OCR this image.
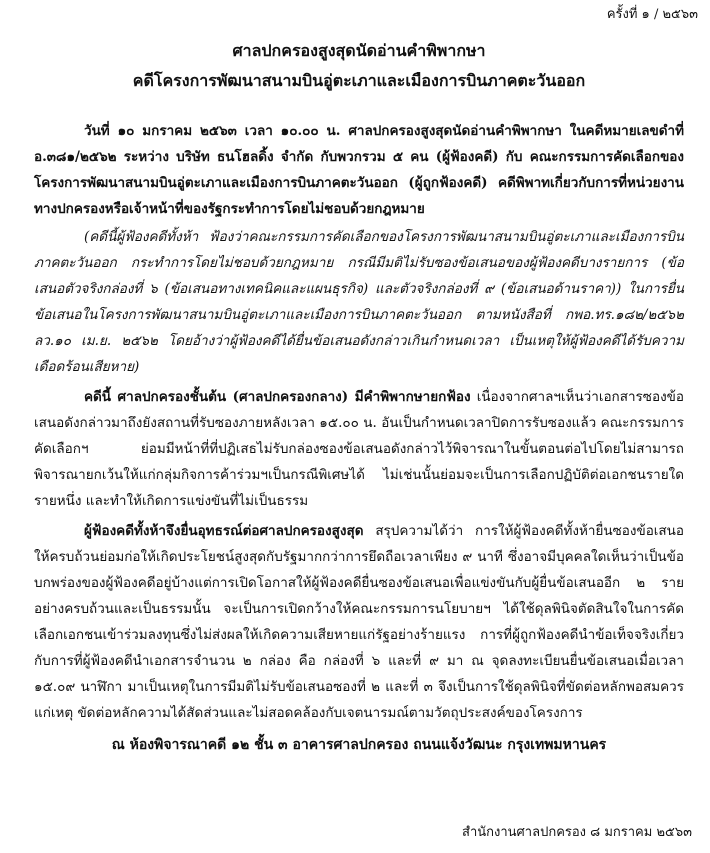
ครั้งที่ ๑ / ๒๕๖๓
ศาลปกครองสูงสุดนัดอ่านคำพิพากษา
คดีโครงการพัฒนาสนามบินอู่ตะเภาและเมืองการบินภาคตะวันออก

วันที่ ๑๐ มกราคม ๒๕๖๓ เวลา ๑๐.๐๐ น. ศาลปกครองสูงสุดนัดอ่านคำพิพากษา ในคดีหมายเลขดำที่ อ.๓๘๑/๒๕๖๒ ระหว่าง บริษัท ธนโฮลดิ้ง จำกัด กับพวกรวม ๕ คน (ผู้ฟ้องคดี) กับ คณะกรรมการคัดเลือกของโครงการพัฒนาสนามบินอู่ตะเภาและเมืองการบินภาคตะวันออก (ผู้ถูกฟ้องคดี) คดีพิพาทเกี่ยวกับการที่หน่วยงานทางปกครองหรือเจ้าหน้าที่ของรัฐกระทำการโดยไม่ชอบด้วยกฎหมาย

(คดีนี้ผู้ฟ้องคดีทั้งห้า ฟ้องว่าคณะกรรมการคัดเลือกของโครงการพัฒนาสนามบินอู่ตะเภาและเมืองการบินภาคตะวันออก กระทำการโดยไม่ชอบด้วยกฎหมาย กรณีมีมติไม่รับซองข้อเสนอของผู้ฟ้องคดีบางรายการ (ข้อเสนอตัวจริงกล่องที่ ๖ (ข้อเสนอทางเทคนิคและแผนธุรกิจ) และตัวจริงกล่องที่ ๙ (ข้อเสนอด้านราคา)) ในการยื่นข้อเสนอในโครงการพัฒนาสนามบินอู่ตะเภาและเมืองการบินภาคตะวันออก ตามหนังสือที่ กพอ.ทร.๑๘๒/๒๕๖๒ ลว.๑๐ เม.ย. ๒๕๖๒ โดยอ้างว่าผู้ฟ้องคดีได้ยื่นข้อเสนอดังกล่าวเกินกำหนดเวลา เป็นเหตุให้ผู้ฟ้องคดีได้รับความเดือดร้อนเสียหาย)

คดีนี้ ศาลปกครองชั้นต้น (ศาลปกครองกลาง) มีคำพิพากษายกฟ้อง เนื่องจากศาลฯเห็นว่าเอกสารซองข้อเสนอดังกล่าวมาถึงยังสถานที่รับซองภายหลังเวลา ๑๕.๐๐ น. อันเป็นกำหนดเวลาปิดการรับซองแล้ว คณะกรรมการคัดเลือกฯ ย่อมมีหน้าที่ที่ปฏิเสธไม่รับกล่องซองข้อเสนอดังกล่าวไว้พิจารณาในขั้นตอนต่อไปโดยไม่สามารถพิจารณายกเว้นให้แก่กลุ่มกิจการค้าร่วมฯเป็นกรณีพิเศษได้ ไม่เช่นนั้นย่อมจะเป็นการเลือกปฏิบัติต่อเอกชนรายใดรายหนึ่ง และทำให้เกิดการแข่งขันที่ไม่เป็นธรรม

ผู้ฟ้องคดีทั้งห้าจึงยื่นอุทธรณ์ต่อศาลปกครองสูงสุด สรุปความได้ว่า การให้ผู้ฟ้องคดีทั้งห้ายื่นซองข้อเสนอให้ครบถ้วนย่อมก่อให้เกิดประโยชน์สูงสุดกับรัฐมากกว่าการยึดถือเวลาเพียง ๙ นาที ซึ่งอาจมีบุคคลใดเห็นว่าเป็นข้อบกพร่องของผู้ฟ้องคดีอยู่บ้างแต่การเปิดโอกาสให้ผู้ฟ้องคดียื่นซองข้อเสนอเพื่อแข่งขันกับผู้ยื่นข้อเสนออีก ๒ ราย อย่างครบถ้วนและเป็นธรรมนั้น จะเป็นการเปิดกว้างให้คณะกรรมการนโยบายฯ ได้ใช้ดุลพินิจตัดสินใจในการคัดเลือกเอกชนเข้าร่วมลงทุนซึ่งไม่ส่งผลให้เกิดความเสียหายแก่รัฐอย่างร้ายแรง การที่ผู้ถูกฟ้องคดีนำข้อเท็จจริงเกี่ยวกับการที่ผู้ฟ้องคดีนำเอกสารจำนวน ๒ กล่อง คือ กล่องที่ ๖ และที่ ๙ มา ณ จุดลงทะเบียนยื่นข้อเสนอเมื่อเวลา ๑๕.๐๙ นาฬิกา มาเป็นเหตุในการมีมติไม่รับข้อเสนอซองที่ ๒ และที่ ๓ จึงเป็นการใช้ดุลพินิจที่ขัดต่อหลักพอสมควรแก่เหตุ ขัดต่อหลักความได้สัดส่วนและไม่สอดคล้องกับเจตนารมณ์ตามวัตถุประสงค์ของโครงการ

ณ ห้องพิจารณาคดี ๑๒ ชั้น ๓ อาคารศาลปกครอง ถนนแจ้งวัฒนะ กรุงเทพมหานคร
สำนักงานศาลปกครอง ๘ มกราคม ๒๕๖๓
